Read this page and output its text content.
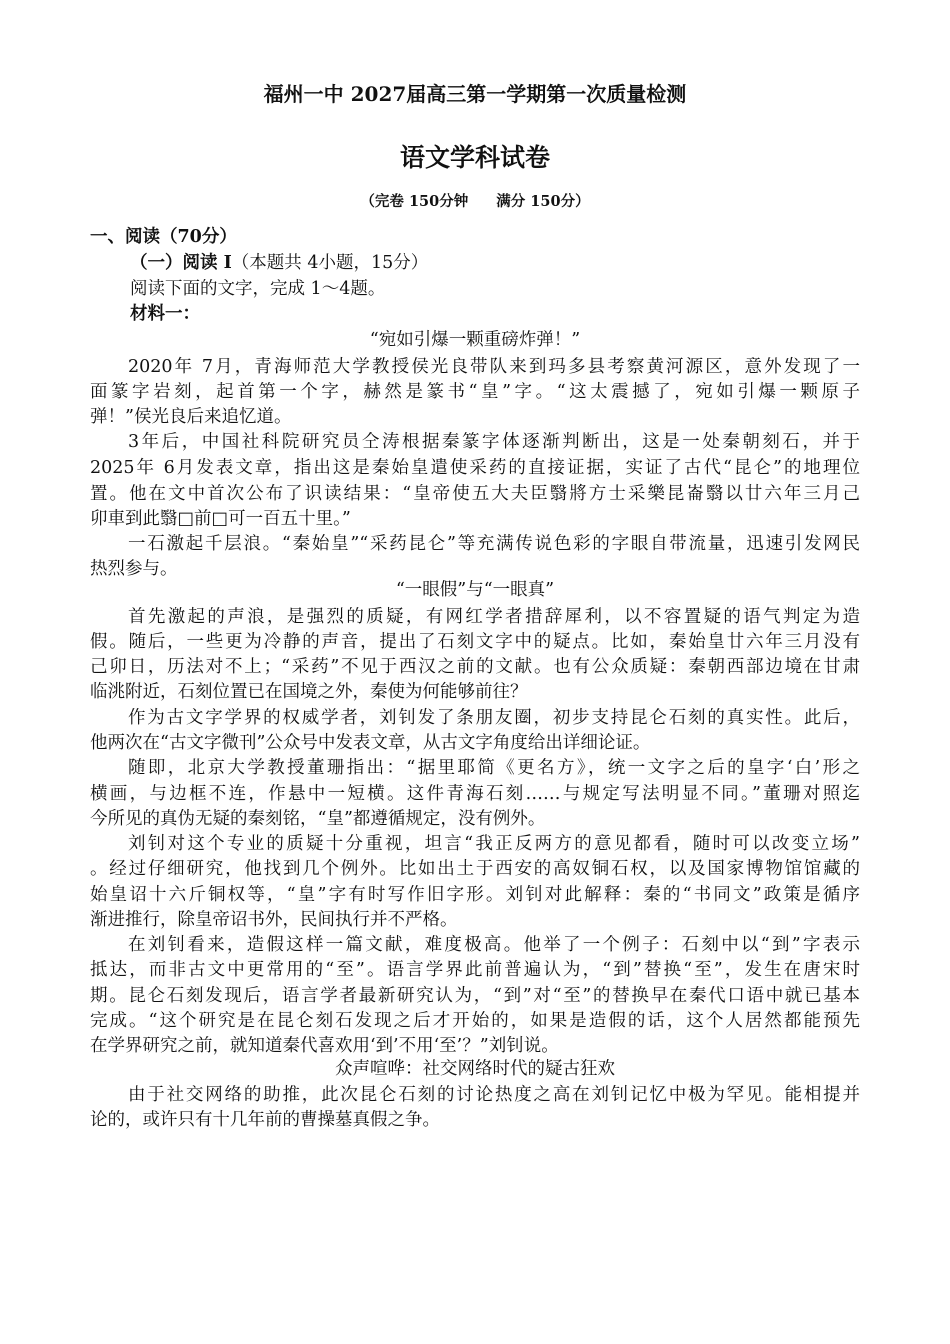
福州一中 2027届高三第一学期第一次质量检测
语文学科试卷
（完卷 150分钟 满分 150分）
一、阅读（70分）
（一）阅读 I（本题共 4小题，15分）
阅读下面的文字，完成 1～4题。
材料一：
“宛如引爆一颗重磅炸弹！”
2020年 7月，青海师范大学教授侯光良带队来到玛多县考察黄河源区，意外发现了一
面篆字岩刻，起首第一个字，赫然是篆书“皇”字。“这太震撼了，宛如引爆一颗原子
弹！”侯光良后来追忆道。
3年后，中国社科院研究员仝涛根据秦篆字体逐渐判断出，这是一处秦朝刻石，并于
2025年 6月发表文章，指出这是秦始皇遣使采药的直接证据，实证了古代“昆仑”的地理位
置。他在文中首次公布了识读结果：“皇帝使五大夫臣翳將方士采樂昆崙翳以廿六年三月己
卯車到此翳□前□可一百五十里。”
一石激起千层浪。“秦始皇”“采药昆仑”等充满传说色彩的字眼自带流量，迅速引发网民
热烈参与。
“一眼假”与“一眼真”
首先激起的声浪，是强烈的质疑，有网红学者措辞犀利，以不容置疑的语气判定为造
假。随后，一些更为冷静的声音，提出了石刻文字中的疑点。比如，秦始皇廿六年三月没有
己卯日，历法对不上；“采药”不见于西汉之前的文献。也有公众质疑：秦朝西部边境在甘肃
临洮附近，石刻位置已在国境之外，秦使为何能够前往？
作为古文字学界的权威学者，刘钊发了条朋友圈，初步支持昆仑石刻的真实性。此后，
他两次在“古文字微刊”公众号中发表文章，从古文字角度给出详细论证。
随即，北京大学教授董珊指出：“据里耶简《更名方》，统一文字之后的皇字‘白’形之
横画，与边框不连，作悬中一短横。这件青海石刻……与规定写法明显不同。”董珊对照迄
今所见的真伪无疑的秦刻铭，“皇”都遵循规定，没有例外。
刘钊对这个专业的质疑十分重视，坦言“我正反两方的意见都看，随时可以改变立场”
。经过仔细研究，他找到几个例外。比如出土于西安的高奴铜石权，以及国家博物馆馆藏的
始皇诏十六斤铜权等，“皇”字有时写作旧字形。刘钊对此解释：秦的“书同文”政策是循序
渐进推行，除皇帝诏书外，民间执行并不严格。
在刘钊看来，造假这样一篇文献，难度极高。他举了一个例子：石刻中以“到”字表示
抵达，而非古文中更常用的“至”。语言学界此前普遍认为，“到”替换“至”，发生在唐宋时
期。昆仑石刻发现后，语言学者最新研究认为，“到”对“至”的替换早在秦代口语中就已基本
完成。“这个研究是在昆仑刻石发现之后才开始的，如果是造假的话，这个人居然都能预先
在学界研究之前，就知道秦代喜欢用‘到’不用‘至’？”刘钊说。
众声喧哗：社交网络时代的疑古狂欢
由于社交网络的助推，此次昆仑石刻的讨论热度之高在刘钊记忆中极为罕见。能相提并
论的，或许只有十几年前的曹操墓真假之争。
